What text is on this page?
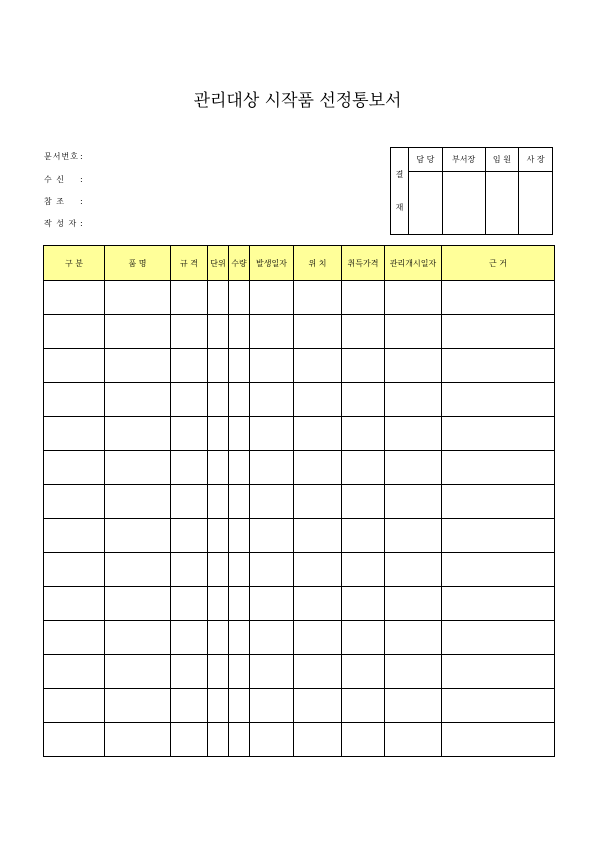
관리대상 시작품 선정통보서
문서번호:
수 신 :
참 조 :
작 성 자 :
결
재	담 당	부서장	임 원	사 장

구 분	품 명	규 격	단위	수량	발생일자	위 치	취득가격	관리개시일자	근 거
